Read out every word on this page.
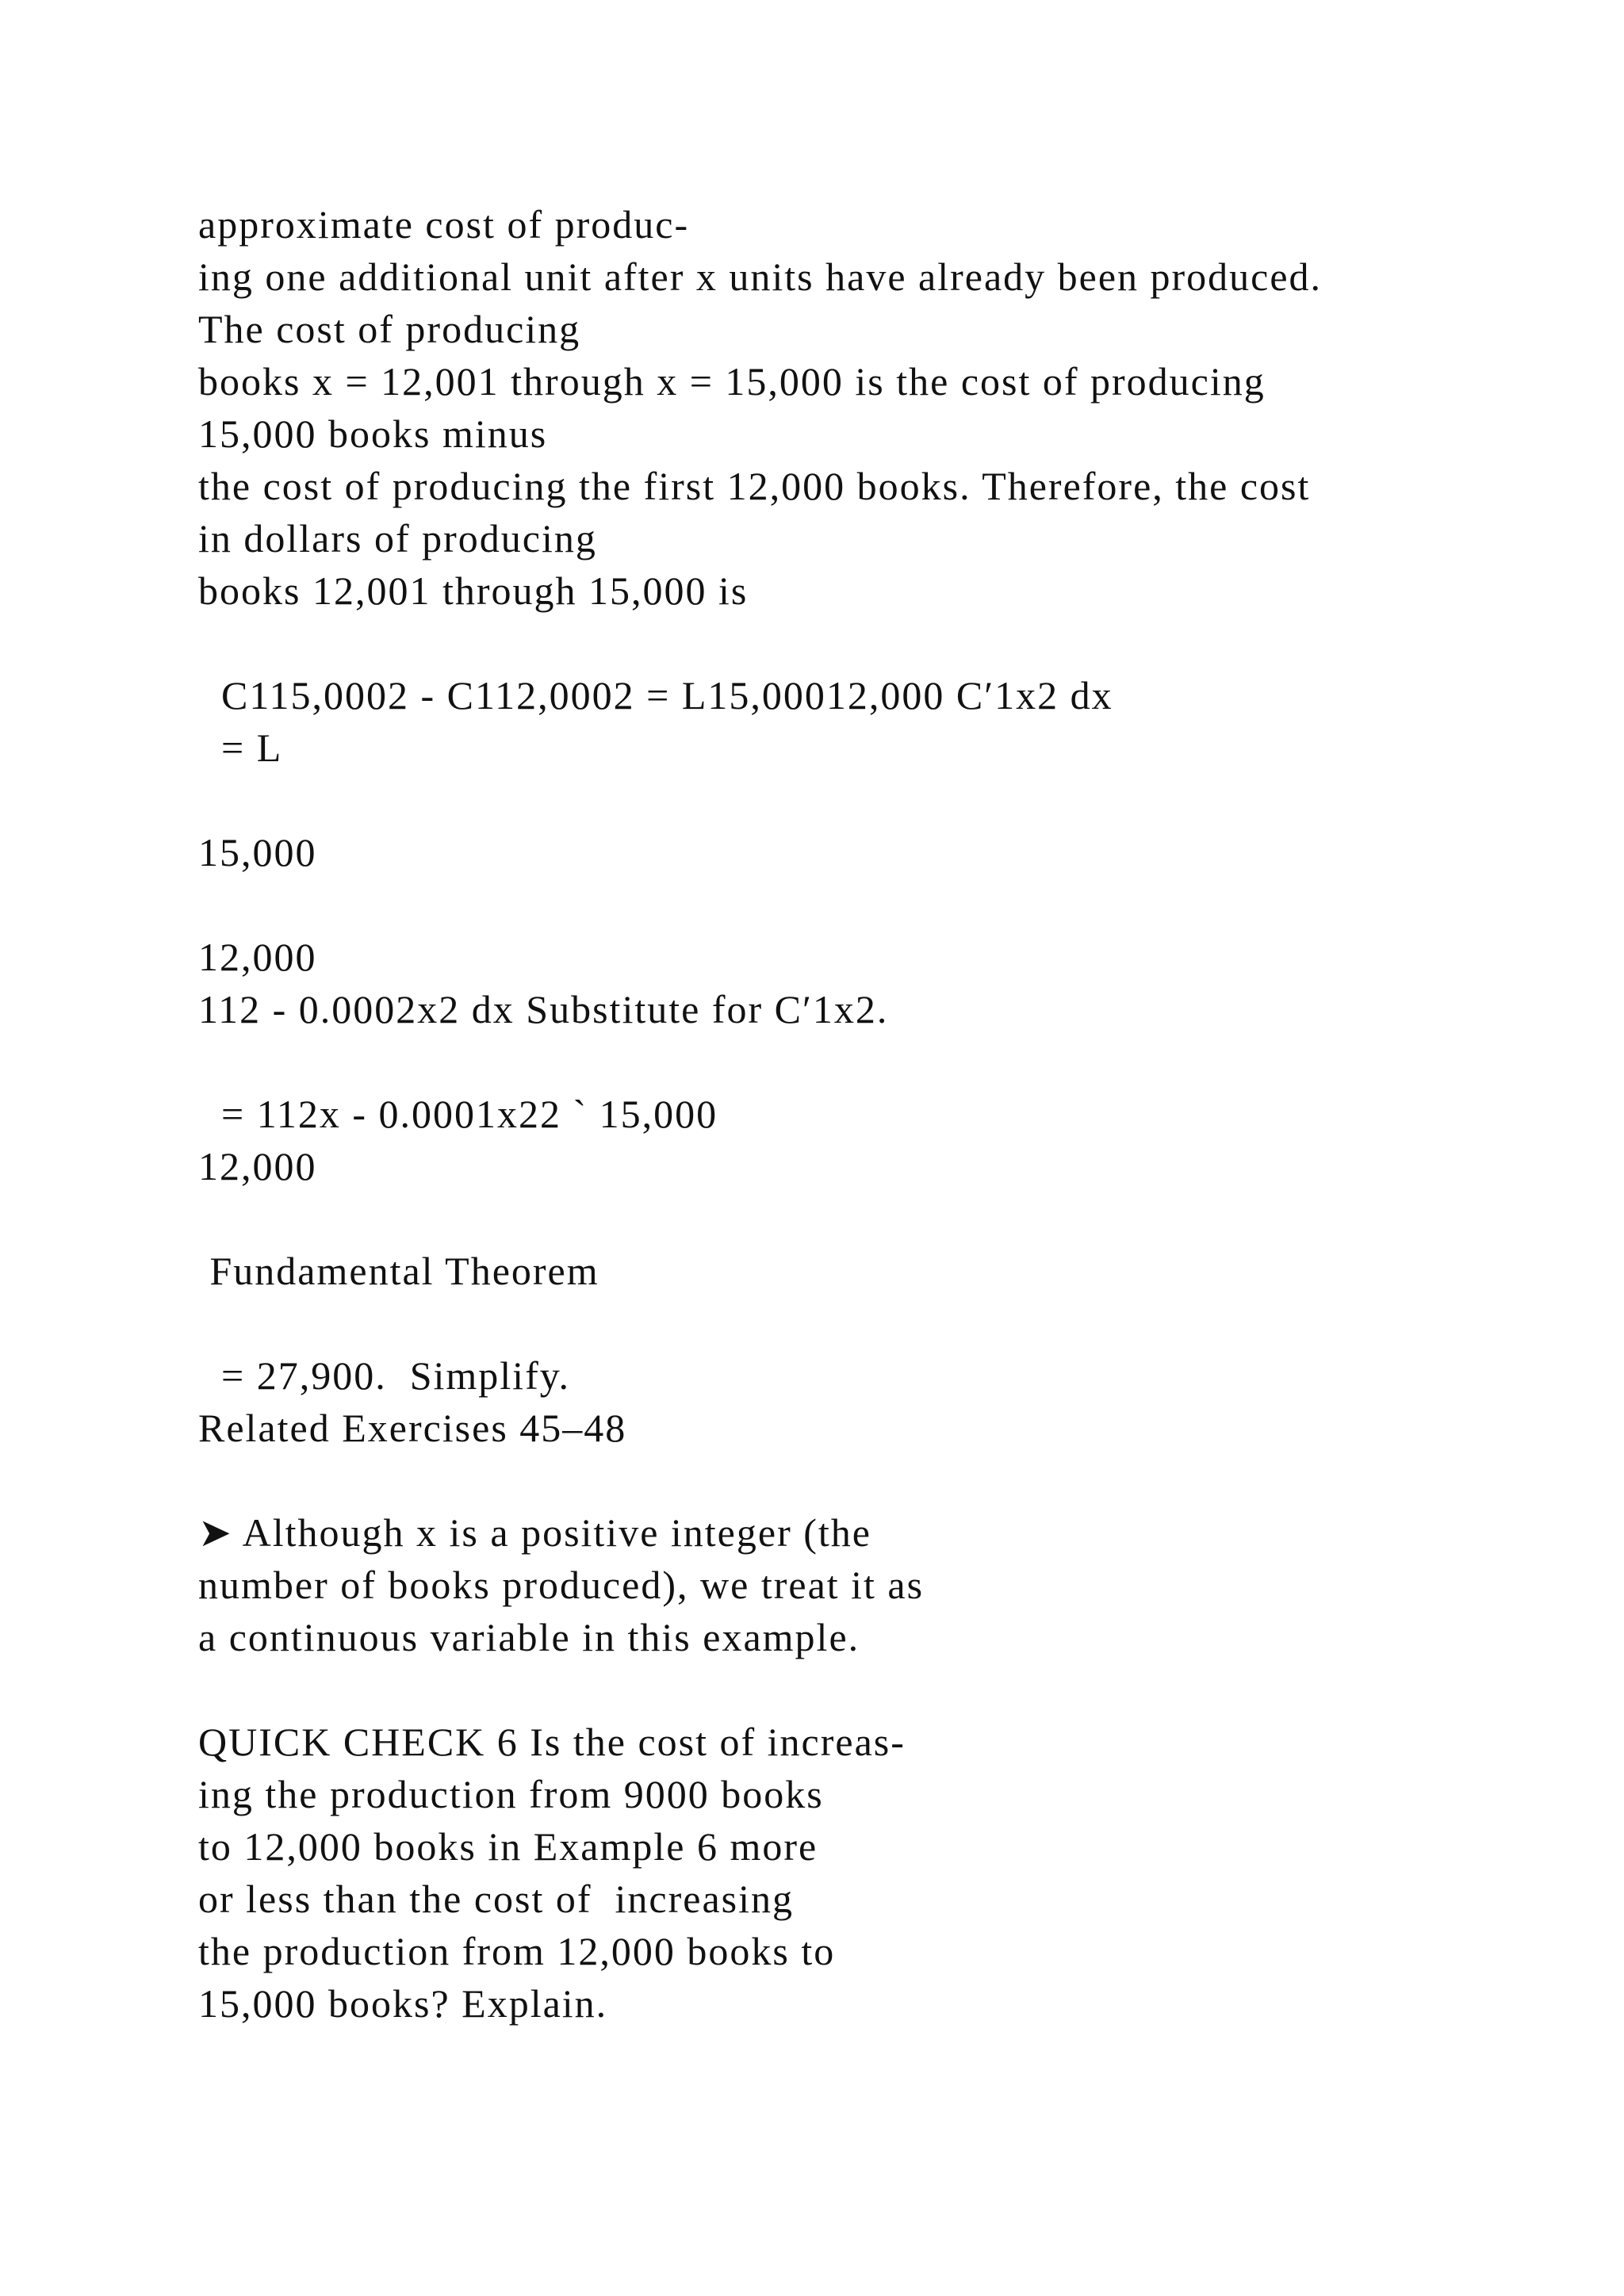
approximate cost of produc-
ing one additional unit after x units have already been produced.
The cost of producing
books x = 12,001 through x = 15,000 is the cost of producing
15,000 books minus
the cost of producing the first 12,000 books. Therefore, the cost
in dollars of producing
books 12,001 through 15,000 is
C115,0002 - C112,0002 = L15,00012,000 C′1x2 dx
= L
15,000
12,000
112 - 0.0002x2 dx Substitute for C′1x2.
= 112x - 0.0001x22 ` 15,000
12,000
Fundamental Theorem
= 27,900.  Simplify.
Related Exercises 45–48
➤ Although x is a positive integer (the
number of books produced), we treat it as
a continuous variable in this example.
QUICK CHECK 6 Is the cost of increas-
ing the production from 9000 books
to 12,000 books in Example 6 more
or less than the cost of  increasing
the production from 12,000 books to
15,000 books? Explain.
